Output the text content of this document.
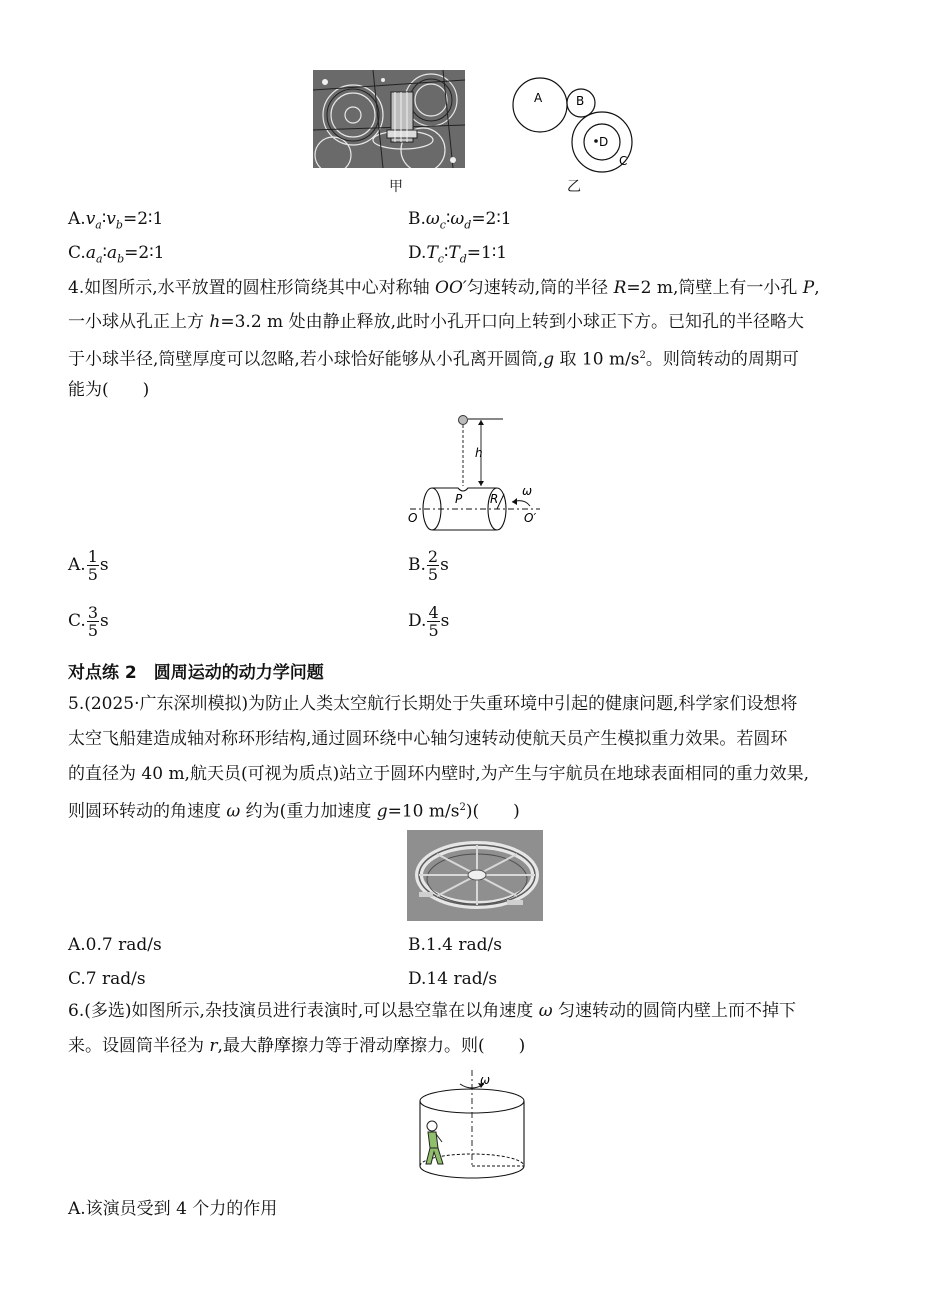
甲
A	B
D
C
乙
$A.v_a∶v_b=2∶1$	$B.\omega_c∶\omega_d=2∶1$
$C.a_a∶a_b=2∶1$	$D.T_c∶T_d=1∶1$
4.如图所示,水平放置的圆柱形筒绕其中心对称轴 OO′匀速转动,筒的半径 R=2 m,筒壁上有一小孔 P,
一小球从孔正上方 h=3.2 m 处由静止释放,此时小孔开口向上转到小球正下方。已知孔的半径略大
于小球半径,筒壁厚度可以忽略,若小球恰好能够从小孔离开圆筒,g 取 10 $m/s^2$。则筒转动的周期可
能为(　　)
h
P R
ω
O	O′
A. $\frac{1}{5}$ s	B. $\frac{2}{5}$ s
C. $\frac{3}{5}$ s	D. $\frac{4}{5}$ s
对点练 2　圆周运动的动力学问题
5.(2025·广东深圳模拟)为防止人类太空航行长期处于失重环境中引起的健康问题,科学家们设想将
太空飞船建造成轴对称环形结构,通过圆环绕中心轴匀速转动使航天员产生模拟重力效果。若圆环
的直径为 40 m,航天员(可视为质点)站立于圆环内壁时,为产生与宇航员在地球表面相同的重力效果,
则圆环转动的角速度 ω 约为(重力加速度 g=10 $m/s^2$)(　　)
A.0.7 rad/s	B.1.4 rad/s
C.7 rad/s	D.14 rad/s
6.(多选)如图所示,杂技演员进行表演时,可以悬空靠在以角速度 ω 匀速转动的圆筒内壁上而不掉下
来。设圆筒半径为 r,最大静摩擦力等于滑动摩擦力。则(　　)
ω
A.该演员受到 4 个力的作用
